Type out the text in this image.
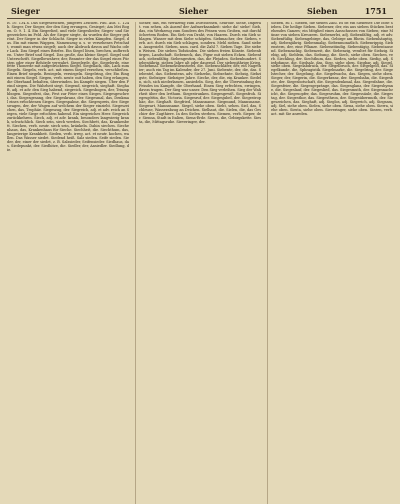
Sieger	Sieher	Sieben	1751
B. 10. 134 a. Das Siegeszeichen, jüngeres Zeichen. Pau. Aus. 1. 124 b. Sieger, Der Sieger, der den Sieg errungen, Gesieget; Am Mei Bogen. O. 9. 1. 4. Ein Siegerlied, und viele Siegeslieder, Sieges- und Siegerzeichen im Feld. Als der Sieger siegte, da wurden die Sieger gekrönt. Der Sieger in der Schlacht. Sieger in vielen Kämpfen. Siegel, das. Ein mit einem Wappen, Namenszug u. s. w. versehenes Petschaft, womit man etwas siegelt; auch der Abdruck davon auf Wachs oder Lack. Das Siegel eines Briefes. Ein Siegel lösen, brechen, aufbrechen. Unter Brief und Siegel. Das große, das kleine Siegel. Siegel und Unterschrift. Siegelbewahrer, der, Beamter der das Siegel eines Fürsten oder einer Behörde verwahrt. Siegelerde, die, Siegelerde, eine fette Thonerde mit aufgedrücktem Siegel. Siegellack, das, Lack zum Siegeln. Siegeln, verb. act. mit einem Siegel versehen, verschließen. Einen Brief siegeln. Besiegeln, versiegeln. Siegelring, der, Ein Ring mit einem Siegel. Siegen, verb. neutr. mit haben, den Sieg erlangen, die Oberhand behalten, überwinden. Im Kampfe siegen. Über den Feind siegen. Die Wahrheit siegt. Siegend, siegreich, sieghaft. Sieghaft, adj. et adv. den Sieg habend, siegreich. Siegesbogen, der, Triumphbogen. Siegesfest, das, Fest zur Feier eines Sieges. Siegesgeschrei, das. Siegesgesang, der. Siegeskranz, der. Siegesmal, das, Denkmal eines erfochtenen Sieges. Siegespalme, die. Siegespreis, der. Siegeswagen, der, der Wagen auf welchem der Sieger einzieht. Siegeszeichen, das, Trophäe. Siegeszug, der. Siegreich, adj. et adv. reich an Siegen, viele Siege erfochten habend. Ein siegreiches Heer. Siegreich zurückkehren. Siech, adj. et adv. krank, besonders langwierig krank, schwächlich. Siech sein, siech werden. Siechbett, das, Krankenbett. Siechen, verb. neutr. siech sein, kränkeln. Dahin siechen. Siechenhaus, das, Krankenhaus für Sieche. Siechheit, die. Siechthum, das, langwierige Krankheit. Sieden, verb. irreg. act. et neutr. kochen, wallen. Das Wasser siedet. Siedend heiß. Salz sieden. Seife sieden. Sieder, der, einer der siedet, z. B. Salzsieder, Seifensieder. Siedhaus, das. Siedepunkt, der. Siedhitze, die. Siedler, der, Ansiedler. Siedlung, die.
Sieher, das, ein Werkzeug zum Durchsehen, Sehrohr. Siehe, Imperat. von sehen, als Ausruf der Aufmerksamkeit: siehe da! siehe! Sieb, das, ein Werkzeug zum Sondern des Feinen vom Groben, mit durchlöchertem Boden. Ein Sieb von Draht, von Haaren. Durch ein Sieb schlagen. Wasser mit dem Siebe schöpfen. Siebmacher, der. Sieben, verb. act. durch ein Sieb schlagen, sondern. Mehl sieben. Sand sieben. Ausgesiebt. Sieben, num. card. die Zahl 7. Sieben Tage. Die sieben Weisen. Die sieben Todsünden. Die sieben freien Künste. Siebenbürgen, Landschaft. Siebeneck, das, Figur mit sieben Ecken. Siebenfach, siebenfältig. Siebengestirn, das, die Plejaden. Siebenhundert. Siebenjährig, sieben Jahre alt oder dauernd. Der siebenjährige Krieg. Siebenmal. Siebenmeilenstiefel, die. Siebenschläfer, der, ein Nagethier; auch ein Tag im Kalender, der 27. Juni. Siebente, der, die, das. Siebentel, das. Siebentens, adv. Siebzehn, Siebzehnte. Siebzig, Siebzigste, Siebziger. Siebziger Jahre. Sieche, der, die, ein Kranker. Siedeln, sich, sich niederlassen, ansiedeln. Sieg, der, die Überwindung des Feindes im Kampfe, die Oberhand. Einen Sieg erfechten, erringen, davon tragen. Der Sieg war unser. Den Sieg verleihen. Sieg der Wahrheit über den Irrthum. Siegestrunken. Siegesgewiß. Siegesfroh. Siegesgöttin, die, Victoria. Siegesruf, der. Siegesjubel, der. Siegestrophäe, die. Sieghaft. Siegfried, Mannsname. Siegmund, Mannsname. Siegwart, Mannsname. Siegel, siehe oben. Sieht, sehen. Siel, das, Schleuse, Wasserabzug an Deichen. Sielhaut, die. Sielen, die, das Geschirr der Zugthiere. In den Sielen sterben. Siemen, verb. Sieper, der. Sienna, Stadt in Italien, Siena-Erde. Sierra, die, Gebirgskette. Siesta, die, Mittagsruhe. Sieveringer, der.
Sieben, zu 1. Sieben, die sieben Zahl. Es ist ein Siebener. Die böse Sieben. Die heilige Sieben. Siebener, der, ein aus sieben Stücken bestehendes Ganzes; ein Mitglied eines Ausschusses von Sieben; eine Münze von sieben Kreuzern. Siebenerlei, adj. Siebenfältig, adj. et adv. Siebenfüßig. Siebengebirge, das, Gebirge am Rhein. Siebenhäuptig, adj. Siebenjährig. Siebenmalig. Siebenmonatlich. Siebenrippig. Siebenstern, der, eine Pflanze. Siebenstündig. Siebentägig. Siebentausend. Siebenzackig. Siebenzeit, die. Siebenzig, veraltet für Siebzig. Siebig, adj. Sieblein, das. Siebung, die. Siech, siehe oben. Siechen, verb. Siechling, der. Siechthum, das. Sieden, siehe oben. Siedig, adj. Siedpfanne, die. Siedsalz, das. Sieg, siehe oben. Siegbar, adj. Siegel, siehe oben. Siegelabdruck, der. Siegelbruch, der. Siegelgeld, das. Siegelkunde, die, Sphragistik. Siegelmarke, die. Siegelring, der. Siegelstecher, der. Siegelung, die. Siegelwachs, das. Siegen, siehe oben. Sieger, der, Siegerin, die. Siegerkranz, der. Siegesbahn, die. Siegesbote, der. Siegesbotschaft, die. Siegesdenkmal, das. Siegesfahne, die. Siegesfeier, die. Siegesgepränge, das. Siegesglanz, der. Siegeshymne, die. Siegeslauf, der. Siegeslied, das. Siegesmuth, der. Siegesnachricht, die. Siegesopfer, das. Siegesruhm, der. Siegessäule, die. Siegestag, der. Siegesthor, das. Siegesthron, der. Siegesübermuth, der. Siegeszeichen, das. Sieghaft, adj. Sieglos, adj. Siegreich, adj. Siegsam, adj. Siel, siehe oben. Sielen, siehe oben. Siena, siehe oben. Sierra, siehe oben. Siesta, siehe oben. Sieveringer, siehe oben. Siezen, verb. act. mit Sie anreden.
